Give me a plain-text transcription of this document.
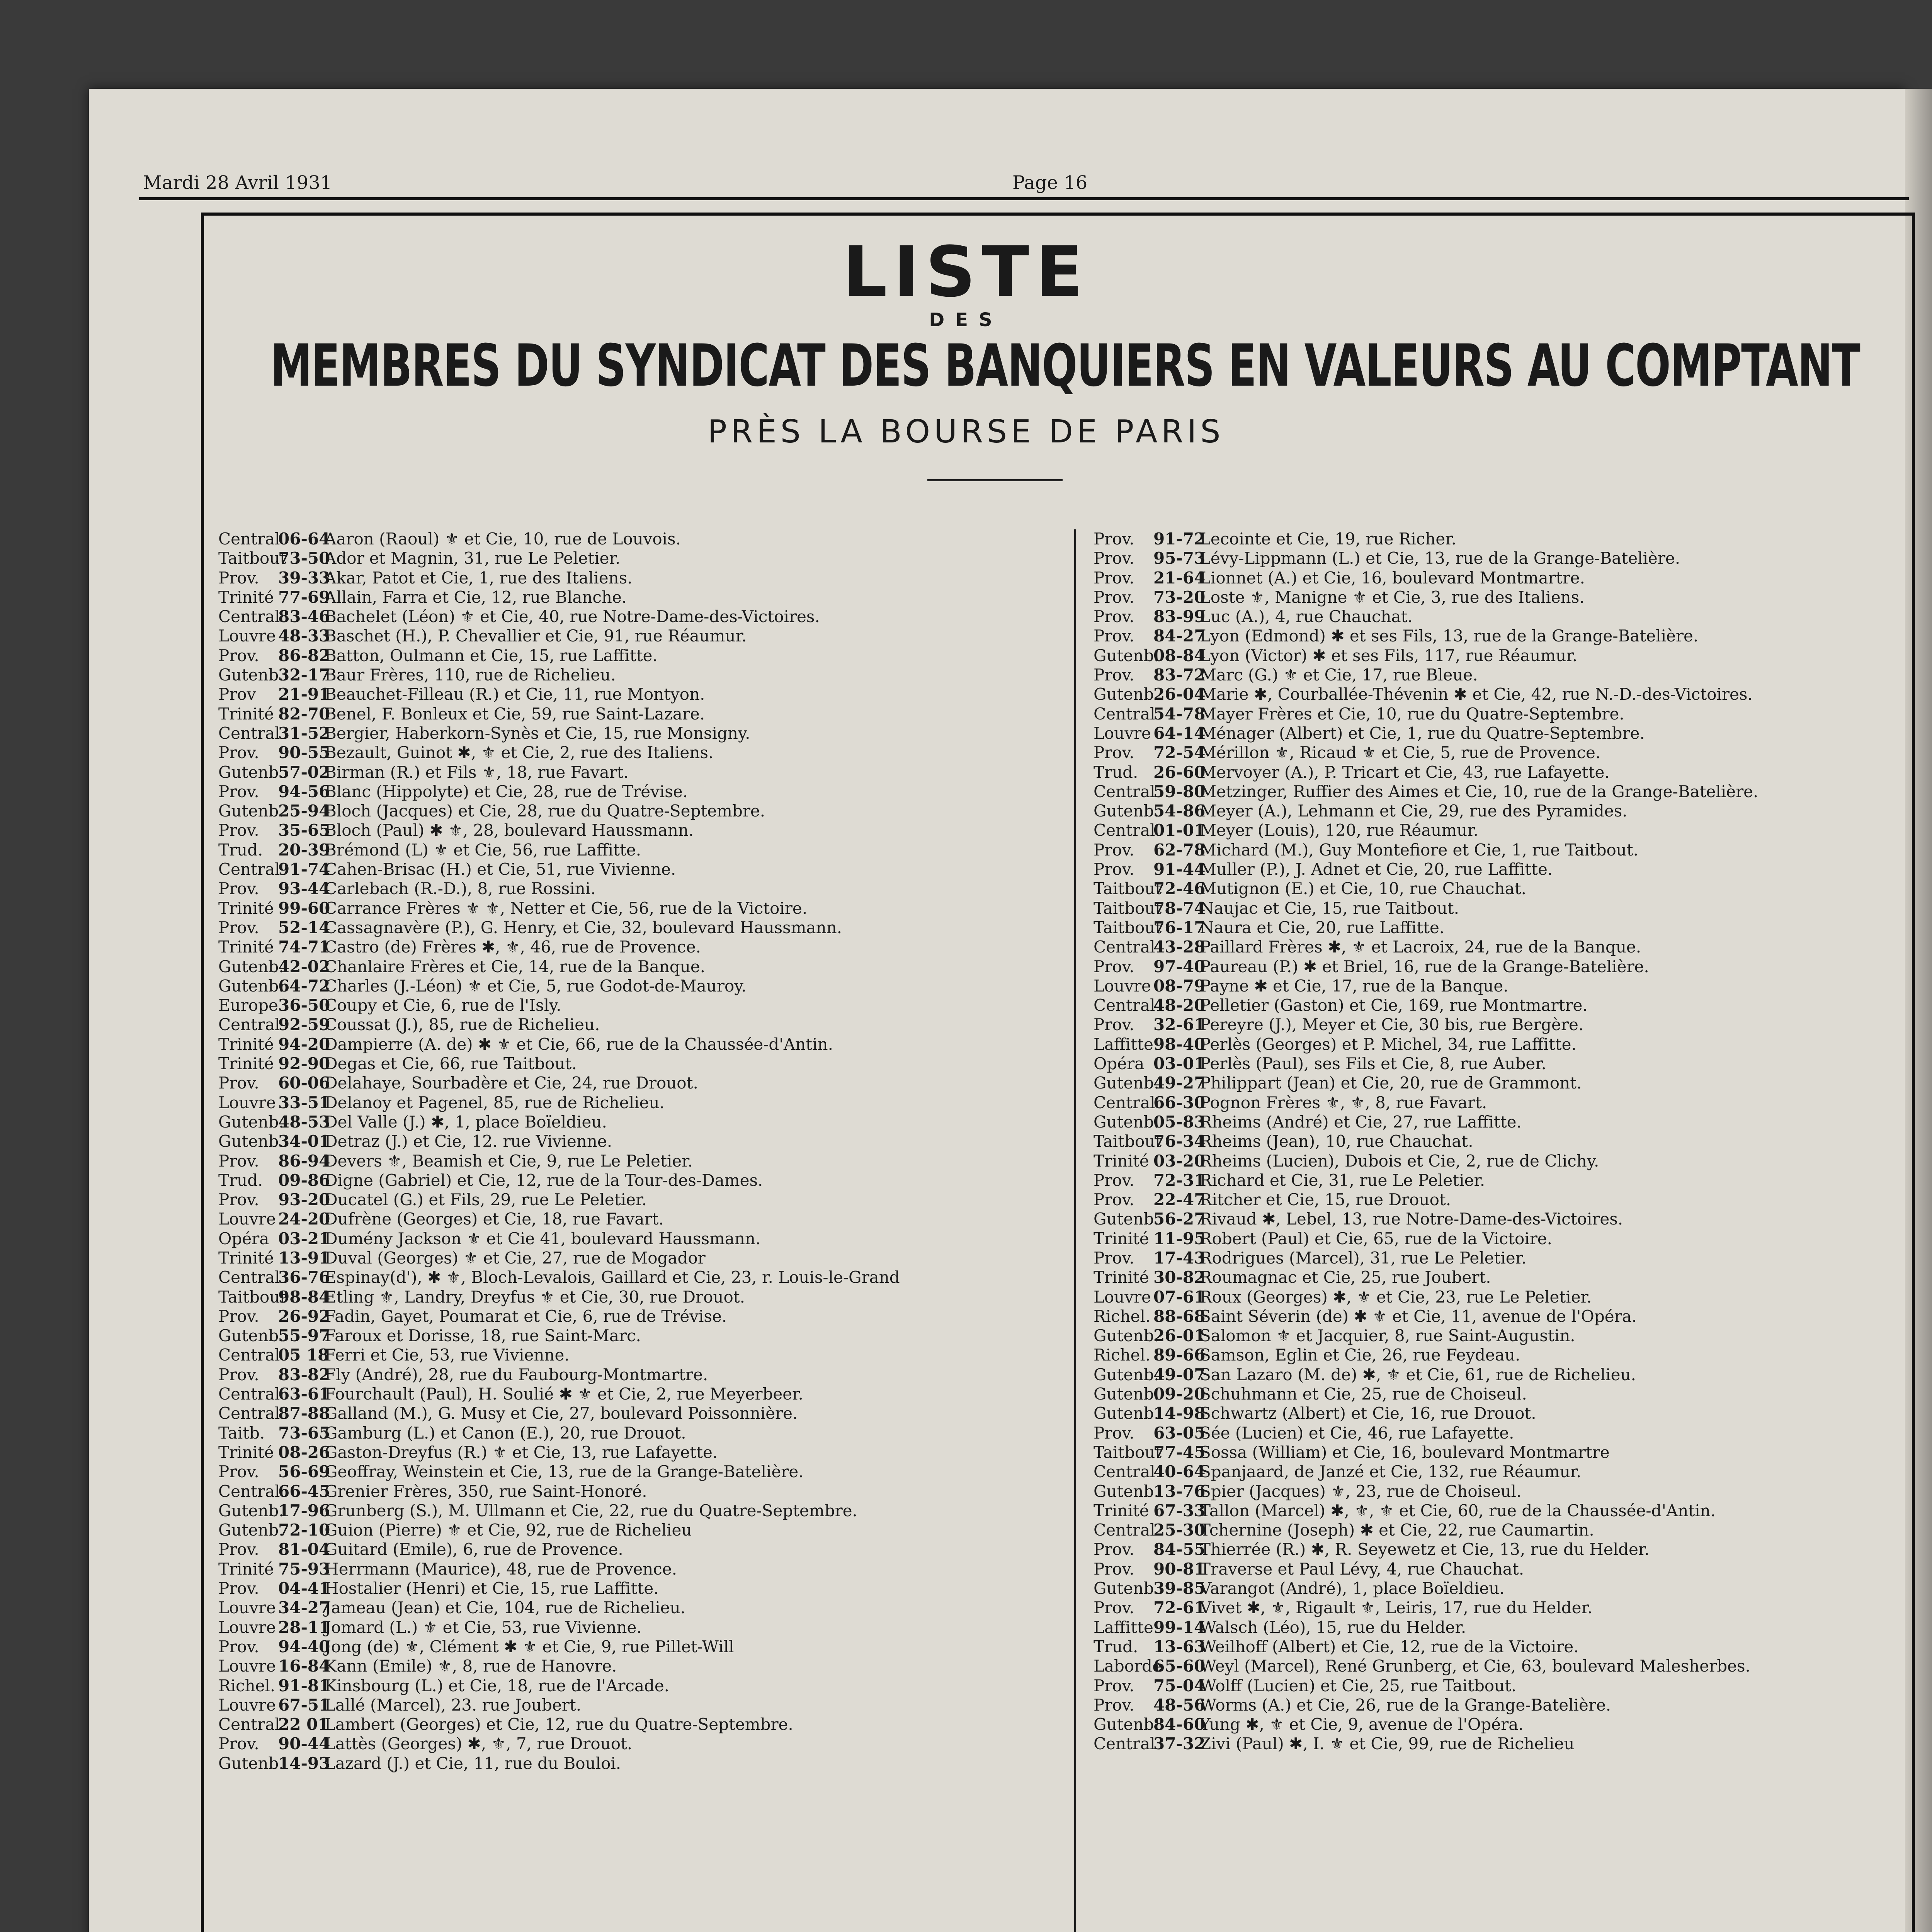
Mardi 28 Avril 1931	Page 16
LISTE
DES
MEMBRES DU SYNDICAT DES BANQUIERS EN VALEURS AU COMPTANT
PRÈS LA BOURSE DE PARIS
Central06-64Aaron (Raoul) ⚜ et Cie, 10, rue de Louvois.
Taitbout73-50Ador et Magnin, 31, rue Le Peletier.
Prov. 39-33Akar, Patot et Cie, 1, rue des Italiens.
Trinité 77-69Allain, Farra et Cie, 12, rue Blanche.
Central83-46Bachelet (Léon) ⚜ et Cie, 40, rue Notre-Dame-des-Victoires.
Louvre 48-33Baschet (H.), P. Chevallier et Cie, 91, rue Réaumur.
Prov. 86-82Batton, Oulmann et Cie, 15, rue Laffitte.
Gutenb.32-17Baur Frères, 110, rue de Richelieu.
Prov 21-91Beauchet-Filleau (R.) et Cie, 11, rue Montyon.
Trinité 82-70Benel, F. Bonleux et Cie, 59, rue Saint-Lazare.
Central31-52Bergier, Haberkorn-Synès et Cie, 15, rue Monsigny.
Prov. 90-55Bezault, Guinot ✱, ⚜ et Cie, 2, rue des Italiens.
Gutenb.57-02Birman (R.) et Fils ⚜, 18, rue Favart.
Prov. 94-56Blanc (Hippolyte) et Cie, 28, rue de Trévise.
Gutenb.25-94Bloch (Jacques) et Cie, 28, rue du Quatre-Septembre.
Prov. 35-65Bloch (Paul) ✱ ⚜, 28, boulevard Haussmann.
Trud. 20-39Brémond (L) ⚜ et Cie, 56, rue Laffitte.
Central91-74Cahen-Brisac (H.) et Cie, 51, rue Vivienne.
Prov. 93-44Carlebach (R.-D.), 8, rue Rossini.
Trinité 99-60Carrance Frères ⚜ ⚜, Netter et Cie, 56, rue de la Victoire.
Prov. 52-14Cassagnavère (P.), G. Henry, et Cie, 32, boulevard Haussmann.
Trinité 74-71Castro (de) Frères ✱, ⚜, 46, rue de Provence.
Gutenb.42-02Chanlaire Frères et Cie, 14, rue de la Banque.
Gutenb.64-72Charles (J.-Léon) ⚜ et Cie, 5, rue Godot-de-Mauroy.
Europe36-50Coupy et Cie, 6, rue de l'Isly.
Central92-59Coussat (J.), 85, rue de Richelieu.
Trinité 94-20Dampierre (A. de) ✱ ⚜ et Cie, 66, rue de la Chaussée-d'Antin.
Trinité 92-90Degas et Cie, 66, rue Taitbout.
Prov. 60-06Delahaye, Sourbadère et Cie, 24, rue Drouot.
Louvre 33-51Delanoy et Pagenel, 85, rue de Richelieu.
Gutenb.48-53Del Valle (J.) ✱, 1, place Boïeldieu.
Gutenb.34-01Detraz (J.) et Cie, 12. rue Vivienne.
Prov. 86-94Devers ⚜, Beamish et Cie, 9, rue Le Peletier.
Trud. 09-86Digne (Gabriel) et Cie, 12, rue de la Tour-des-Dames.
Prov. 93-20Ducatel (G.) et Fils, 29, rue Le Peletier.
Louvre 24-20Dufrène (Georges) et Cie, 18, rue Favart.
Opéra 03-21Dumény Jackson ⚜ et Cie 41, boulevard Haussmann.
Trinité 13-91Duval (Georges) ⚜ et Cie, 27, rue de Mogador
Central36-76Espinay(d'), ✱ ⚜, Bloch-Levalois, Gaillard et Cie, 23, r. Louis-le-Grand
Taitbout98-84Etling ⚜, Landry, Dreyfus ⚜ et Cie, 30, rue Drouot.
Prov. 26-92Fadin, Gayet, Poumarat et Cie, 6, rue de Trévise.
Gutenb.55-97Faroux et Dorisse, 18, rue Saint-Marc.
Central05 18Ferri et Cie, 53, rue Vivienne.
Prov. 83-82Fly (André), 28, rue du Faubourg-Montmartre.
Central63-61Fourchault (Paul), H. Soulié ✱ ⚜ et Cie, 2, rue Meyerbeer.
Central87-88Galland (M.), G. Musy et Cie, 27, boulevard Poissonnière.
Taitb. 73-65Gamburg (L.) et Canon (E.), 20, rue Drouot.
Trinité 08-26Gaston-Dreyfus (R.) ⚜ et Cie, 13, rue Lafayette.
Prov. 56-69Geoffray, Weinstein et Cie, 13, rue de la Grange-Batelière.
Central66-45Grenier Frères, 350, rue Saint-Honoré.
Gutenb.17-96Grunberg (S.), M. Ullmann et Cie, 22, rue du Quatre-Septembre.
Gutenb.72-10Guion (Pierre) ⚜ et Cie, 92, rue de Richelieu
Prov. 81-04Guitard (Emile), 6, rue de Provence.
Trinité 75-93Herrmann (Maurice), 48, rue de Provence.
Prov. 04-41Hostalier (Henri) et Cie, 15, rue Laffitte.
Louvre 34-27Jameau (Jean) et Cie, 104, rue de Richelieu.
Louvre 28-11Jomard (L.) ⚜ et Cie, 53, rue Vivienne.
Prov. 94-40Jong (de) ⚜, Clément ✱ ⚜ et Cie, 9, rue Pillet-Will
Louvre 16-84Kann (Emile) ⚜, 8, rue de Hanovre.
Richel. 91-81Kinsbourg (L.) et Cie, 18, rue de l'Arcade.
Louvre 67-51Lallé (Marcel), 23. rue Joubert.
Central22 01Lambert (Georges) et Cie, 12, rue du Quatre-Septembre.
Prov. 90-44Lattès (Georges) ✱, ⚜, 7, rue Drouot.
Gutenb.14-93Lazard (J.) et Cie, 11, rue du Bouloi.
Prov. 91-72Lecointe et Cie, 19, rue Richer.
Prov. 95-73Lévy-Lippmann (L.) et Cie, 13, rue de la Grange-Batelière.
Prov. 21-64Lionnet (A.) et Cie, 16, boulevard Montmartre.
Prov. 73-20Loste ⚜, Manigne ⚜ et Cie, 3, rue des Italiens.
Prov. 83-99Luc (A.), 4, rue Chauchat.
Prov. 84-27Lyon (Edmond) ✱ et ses Fils, 13, rue de la Grange-Batelière.
Gutenb.08-84Lyon (Victor) ✱ et ses Fils, 117, rue Réaumur.
Prov. 83-72Marc (G.) ⚜ et Cie, 17, rue Bleue.
Gutenb.26-04Marie ✱, Courballée-Thévenin ✱ et Cie, 42, rue N.-D.-des-Victoires.
Central54-78Mayer Frères et Cie, 10, rue du Quatre-Septembre.
Louvre 64-14Ménager (Albert) et Cie, 1, rue du Quatre-Septembre.
Prov. 72-54Mérillon ⚜, Ricaud ⚜ et Cie, 5, rue de Provence.
Trud. 26-60Mervoyer (A.), P. Tricart et Cie, 43, rue Lafayette.
Central59-80Metzinger, Ruffier des Aimes et Cie, 10, rue de la Grange-Batelière.
Gutenb.54-86Meyer (A.), Lehmann et Cie, 29, rue des Pyramides.
Central01-01Meyer (Louis), 120, rue Réaumur.
Prov. 62-78Michard (M.), Guy Montefiore et Cie, 1, rue Taitbout.
Prov. 91-44Muller (P.), J. Adnet et Cie, 20, rue Laffitte.
Taitbout72-46Mutignon (E.) et Cie, 10, rue Chauchat.
Taitbout78-74Naujac et Cie, 15, rue Taitbout.
Taitbout76-17Naura et Cie, 20, rue Laffitte.
Central43-28Paillard Frères ✱, ⚜ et Lacroix, 24, rue de la Banque.
Prov. 97-40Paureau (P.) ✱ et Briel, 16, rue de la Grange-Batelière.
Louvre 08-79Payne ✱ et Cie, 17, rue de la Banque.
Central48-20Pelletier (Gaston) et Cie, 169, rue Montmartre.
Prov. 32-61Pereyre (J.), Meyer et Cie, 30 bis, rue Bergère.
Laffitte98-40Perlès (Georges) et P. Michel, 34, rue Laffitte.
Opéra 03-01Perlès (Paul), ses Fils et Cie, 8, rue Auber.
Gutenb.49-27Philippart (Jean) et Cie, 20, rue de Grammont.
Central66-30Pognon Frères ⚜, ⚜, 8, rue Favart.
Gutenb.05-83Rheims (André) et Cie, 27, rue Laffitte.
Taitbout76-34Rheims (Jean), 10, rue Chauchat.
Trinité 03-20Rheims (Lucien), Dubois et Cie, 2, rue de Clichy.
Prov. 72-31Richard et Cie, 31, rue Le Peletier.
Prov. 22-47Ritcher et Cie, 15, rue Drouot.
Gutenb.56-27Rivaud ✱, Lebel, 13, rue Notre-Dame-des-Victoires.
Trinité 11-95Robert (Paul) et Cie, 65, rue de la Victoire.
Prov. 17-43Rodrigues (Marcel), 31, rue Le Peletier.
Trinité 30-82Roumagnac et Cie, 25, rue Joubert.
Louvre 07-61Roux (Georges) ✱, ⚜ et Cie, 23, rue Le Peletier.
Richel. 88-68Saint Séverin (de) ✱ ⚜ et Cie, 11, avenue de l'Opéra.
Gutenb.26-01Salomon ⚜ et Jacquier, 8, rue Saint-Augustin.
Richel. 89-66Samson, Eglin et Cie, 26, rue Feydeau.
Gutenb.49-07San Lazaro (M. de) ✱, ⚜ et Cie, 61, rue de Richelieu.
Gutenb.09-20Schuhmann et Cie, 25, rue de Choiseul.
Gutenb.14-98Schwartz (Albert) et Cie, 16, rue Drouot.
Prov. 63-05Sée (Lucien) et Cie, 46, rue Lafayette.
Taitbout77-45Sossa (William) et Cie, 16, boulevard Montmartre
Central40-64Spanjaard, de Janzé et Cie, 132, rue Réaumur.
Gutenb.13-76Spier (Jacques) ⚜, 23, rue de Choiseul.
Trinité 67-33Tallon (Marcel) ✱, ⚜, ⚜ et Cie, 60, rue de la Chaussée-d'Antin.
Central25-30Tchernine (Joseph) ✱ et Cie, 22, rue Caumartin.
Prov. 84-55Thierrée (R.) ✱, R. Seyewetz et Cie, 13, rue du Helder.
Prov. 90-81Traverse et Paul Lévy, 4, rue Chauchat.
Gutenb.39-85Varangot (André), 1, place Boïeldieu.
Prov. 72-61Vivet ✱, ⚜, Rigault ⚜, Leiris, 17, rue du Helder.
Laffitte99-14Walsch (Léo), 15, rue du Helder.
Trud. 13-63Weilhoff (Albert) et Cie, 12, rue de la Victoire.
Laborde65-60Weyl (Marcel), René Grunberg, et Cie, 63, boulevard Malesherbes.
Prov. 75-04Wolff (Lucien) et Cie, 25, rue Taitbout.
Prov. 48-56Worms (A.) et Cie, 26, rue de la Grange-Batelière.
Gutenb.84-60Yung ✱, ⚜ et Cie, 9, avenue de l'Opéra.
Central37-32Zivi (Paul) ✱, I. ⚜ et Cie, 99, rue de Richelieu
